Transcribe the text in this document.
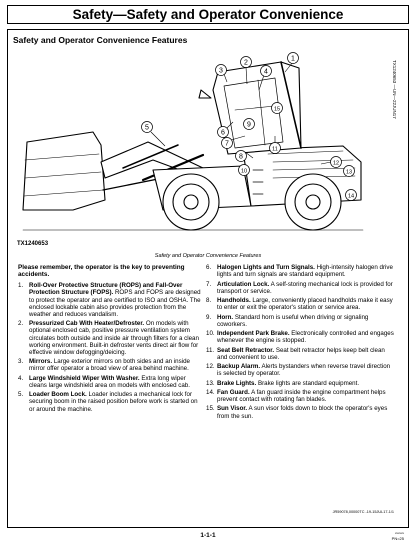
Safety—Safety and Operator Convenience
Safety and Operator Convenience Features
1
2
3	4
5
6
7
8
9
10
11
12
13
14
15	TX1240653 —UN—22JUN17
TX1240653
Safety and Operator Convenience Features
Please remember, the operator is the key to preventing accidents.
1. Roll-Over Protective Structure (ROPS) and Fall-Over Protection Structure (FOPS). ROPS and FOPS are designed to protect the operator and are certified to ISO and OSHA. The enclosed lockable cabin also provides protection from the weather and reduces vandalism.
2. Pressurized Cab With Heater/Defroster. On models with optional enclosed cab, positive pressure ventilation system circulates both outside and inside air through filters for a clean working environment. Built-in defroster vents direct air flow for effective window defogging/deicing.
3. Mirrors. Large exterior mirrors on both sides and an inside mirror offer operator a broad view of area behind machine.
4. Large Windshield Wiper With Washer. Extra long wiper cleans large windshield area on models with enclosed cab.
5. Loader Boom Lock. Loader includes a mechanical lock for securing boom in the raised position before work is started on or around the machine.
6. Halogen Lights and Turn Signals. High-intensity halogen drive lights and turn signals are standard equipment.
7. Articulation Lock. A self-storing mechanical lock is provided for transport or service.
8. Handholds. Large, conveniently placed handholds make it easy to enter or exit the operator's station or service area.
9. Horn. Standard horn is useful when driving or signaling coworkers.
10. Independent Park Brake. Electronically controlled and engages whenever the engine is stopped.
11. Seat Belt Retractor. Seat belt retractor helps keep belt clean and convenient to use.
12. Backup Alarm. Alerts bystanders when reverse travel direction is selected by operator.
13. Brake Lights. Brake lights are standard equipment.
14. Fan Guard. A fan guard inside the engine compartment helps prevent contact with rotating fan blades.
15. Sun Visor. A sun visor folds down to block the operator's eyes from the sun.
JR59078,00000TC -19-15JUL17-1/1
1-1-1	xxxxxx
PN=25
